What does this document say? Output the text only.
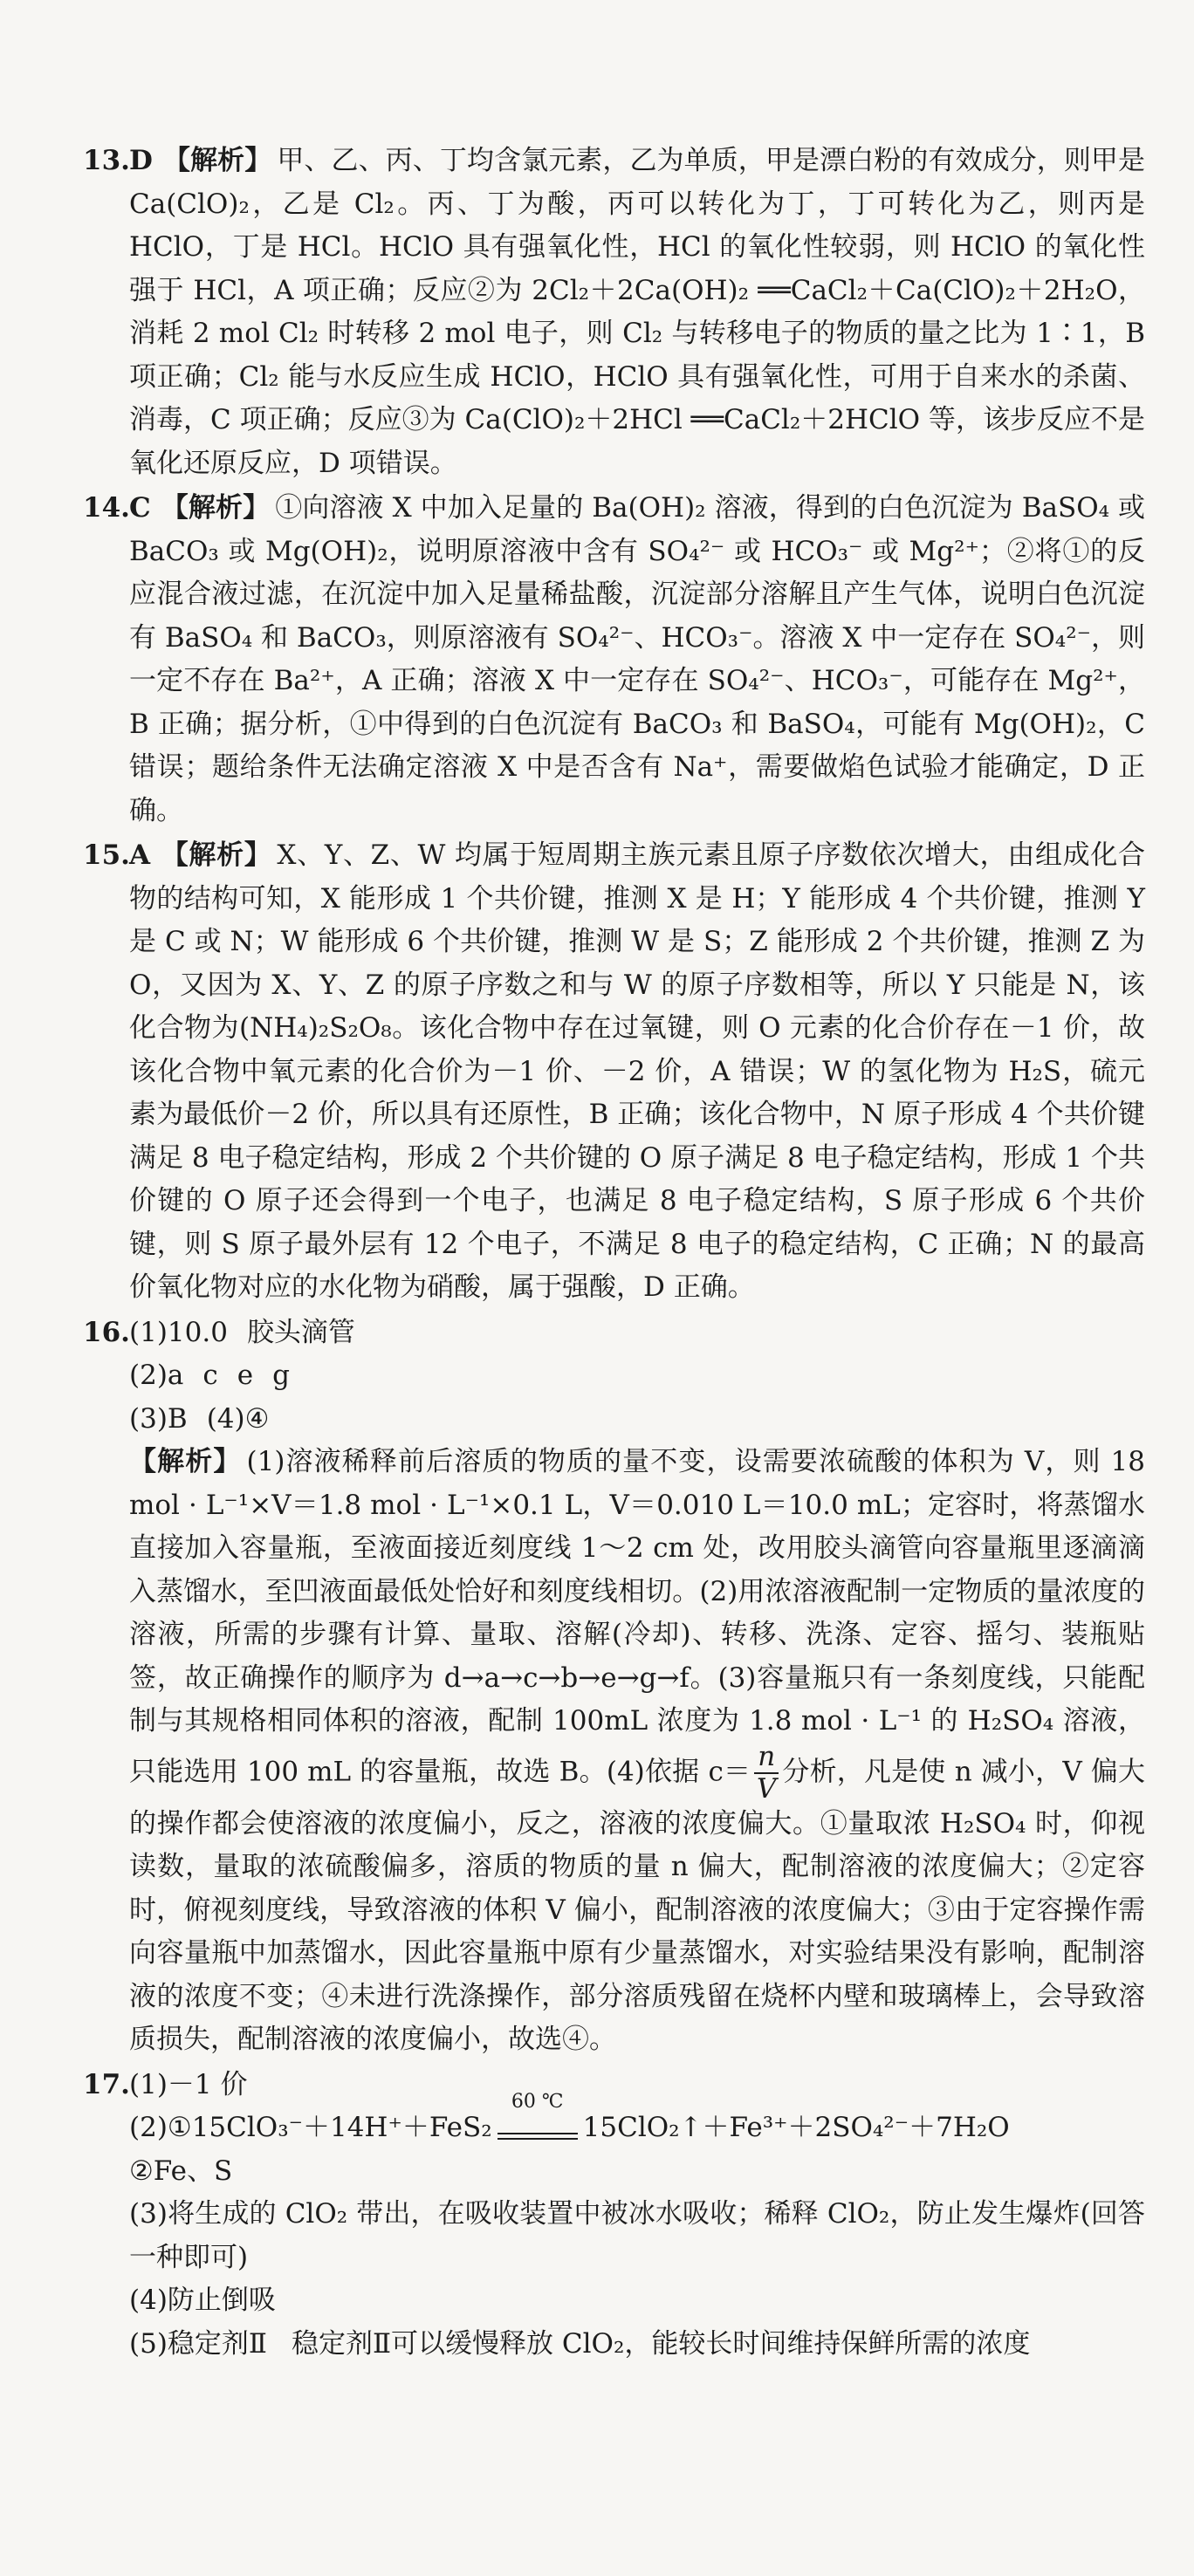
13. D 【解析】 甲、乙、丙、丁均含氯元素，乙为单质，甲是漂白粉的有效成分，则甲是 Ca(ClO)₂，乙是 Cl₂。丙、丁为酸，丙可以转化为丁，丁可转化为乙，则丙是 HClO，丁是 HCl。HClO 具有强氧化性，HCl 的氧化性较弱，则 HClO 的氧化性强于 HCl，A 项正确；反应②为 2Cl₂＋2Ca(OH)₂ ══CaCl₂＋Ca(ClO)₂＋2H₂O，消耗 2 mol Cl₂ 时转移 2 mol 电子，则 Cl₂ 与转移电子的物质的量之比为 1∶1，B 项正确；Cl₂ 能与水反应生成 HClO，HClO 具有强氧化性，可用于自来水的杀菌、消毒，C 项正确；反应③为 Ca(ClO)₂＋2HCl ══CaCl₂＋2HClO 等，该步反应不是氧化还原反应，D 项错误。
14. C 【解析】 ①向溶液 X 中加入足量的 Ba(OH)₂ 溶液，得到的白色沉淀为 BaSO₄ 或 BaCO₃ 或 Mg(OH)₂，说明原溶液中含有 SO₄²⁻ 或 HCO₃⁻ 或 Mg²⁺；②将①的反应混合液过滤，在沉淀中加入足量稀盐酸，沉淀部分溶解且产生气体，说明白色沉淀有 BaSO₄ 和 BaCO₃，则原溶液有 SO₄²⁻、HCO₃⁻。溶液 X 中一定存在 SO₄²⁻，则一定不存在 Ba²⁺，A 正确；溶液 X 中一定存在 SO₄²⁻、HCO₃⁻，可能存在 Mg²⁺，B 正确；据分析，①中得到的白色沉淀有 BaCO₃ 和 BaSO₄，可能有 Mg(OH)₂，C 错误；题给条件无法确定溶液 X 中是否含有 Na⁺，需要做焰色试验才能确定，D 正确。
15. A 【解析】 X、Y、Z、W 均属于短周期主族元素且原子序数依次增大，由组成化合物的结构可知，X 能形成 1 个共价键，推测 X 是 H；Y 能形成 4 个共价键，推测 Y 是 C 或 N；W 能形成 6 个共价键，推测 W 是 S；Z 能形成 2 个共价键，推测 Z 为 O，又因为 X、Y、Z 的原子序数之和与 W 的原子序数相等，所以 Y 只能是 N，该化合物为(NH₄)₂S₂O₈。该化合物中存在过氧键，则 O 元素的化合价存在－1 价，故该化合物中氧元素的化合价为－1 价、－2 价，A 错误；W 的氢化物为 H₂S，硫元素为最低价－2 价，所以具有还原性，B 正确；该化合物中，N 原子形成 4 个共价键满足 8 电子稳定结构，形成 2 个共价键的 O 原子满足 8 电子稳定结构，形成 1 个共价键的 O 原子还会得到一个电子，也满足 8 电子稳定结构，S 原子形成 6 个共价键，则 S 原子最外层有 12 个电子，不满足 8 电子的稳定结构，C 正确；N 的最高价氧化物对应的水化物为硝酸，属于强酸，D 正确。
16. (1)10.0 胶头滴管
(2)a c e g
(3)B (4)④
【解析】 (1)溶液稀释前后溶质的物质的量不变，设需要浓硫酸的体积为 V，则 18 mol · L⁻¹×V＝1.8 mol · L⁻¹×0.1 L，V＝0.010 L＝10.0 mL；定容时，将蒸馏水直接加入容量瓶，至液面接近刻度线 1～2 cm 处，改用胶头滴管向容量瓶里逐滴滴入蒸馏水，至凹液面最低处恰好和刻度线相切。(2)用浓溶液配制一定物质的量浓度的溶液，所需的步骤有计算、量取、溶解(冷却)、转移、洗涤、定容、摇匀、装瓶贴签，故正确操作的顺序为 d→a→c→b→e→g→f。(3)容量瓶只有一条刻度线，只能配制与其规格相同体积的溶液，配制 100mL 浓度为 1.8 mol · L⁻¹ 的 H₂SO₄ 溶液，只能选用 100 mL 的容量瓶，故选 B。(4)依据 $c= \frac{n}{V}$ 分析，凡是使 n 减小，V 偏大的操作都会使溶液的浓度偏小，反之，溶液的浓度偏大。①量取浓 H₂SO₄ 时，仰视读数，量取的浓硫酸偏多，溶质的物质的量 n 偏大，配制溶液的浓度偏大；②定容时，俯视刻度线，导致溶液的体积 V 偏小，配制溶液的浓度偏大；③由于定容操作需向容量瓶中加蒸馏水，因此容量瓶中原有少量蒸馏水，对实验结果没有影响，配制溶液的浓度不变；④未进行洗涤操作，部分溶质残留在烧杯内壁和玻璃棒上，会导致溶质损失，配制溶液的浓度偏小，故选④。
17. (1)－1 价
(2)①15ClO₃⁻＋14H⁺＋FeS₂
60 ℃
15ClO₂↑＋Fe³⁺＋2SO₄²⁻＋7H₂O
②Fe、S
(3)将生成的 ClO₂ 带出，在吸收装置中被冰水吸收；稀释 ClO₂，防止发生爆炸(回答一种即可)
(4)防止倒吸
(5)稳定剂Ⅱ 稳定剂Ⅱ可以缓慢释放 ClO₂，能较长时间维持保鲜所需的浓度
